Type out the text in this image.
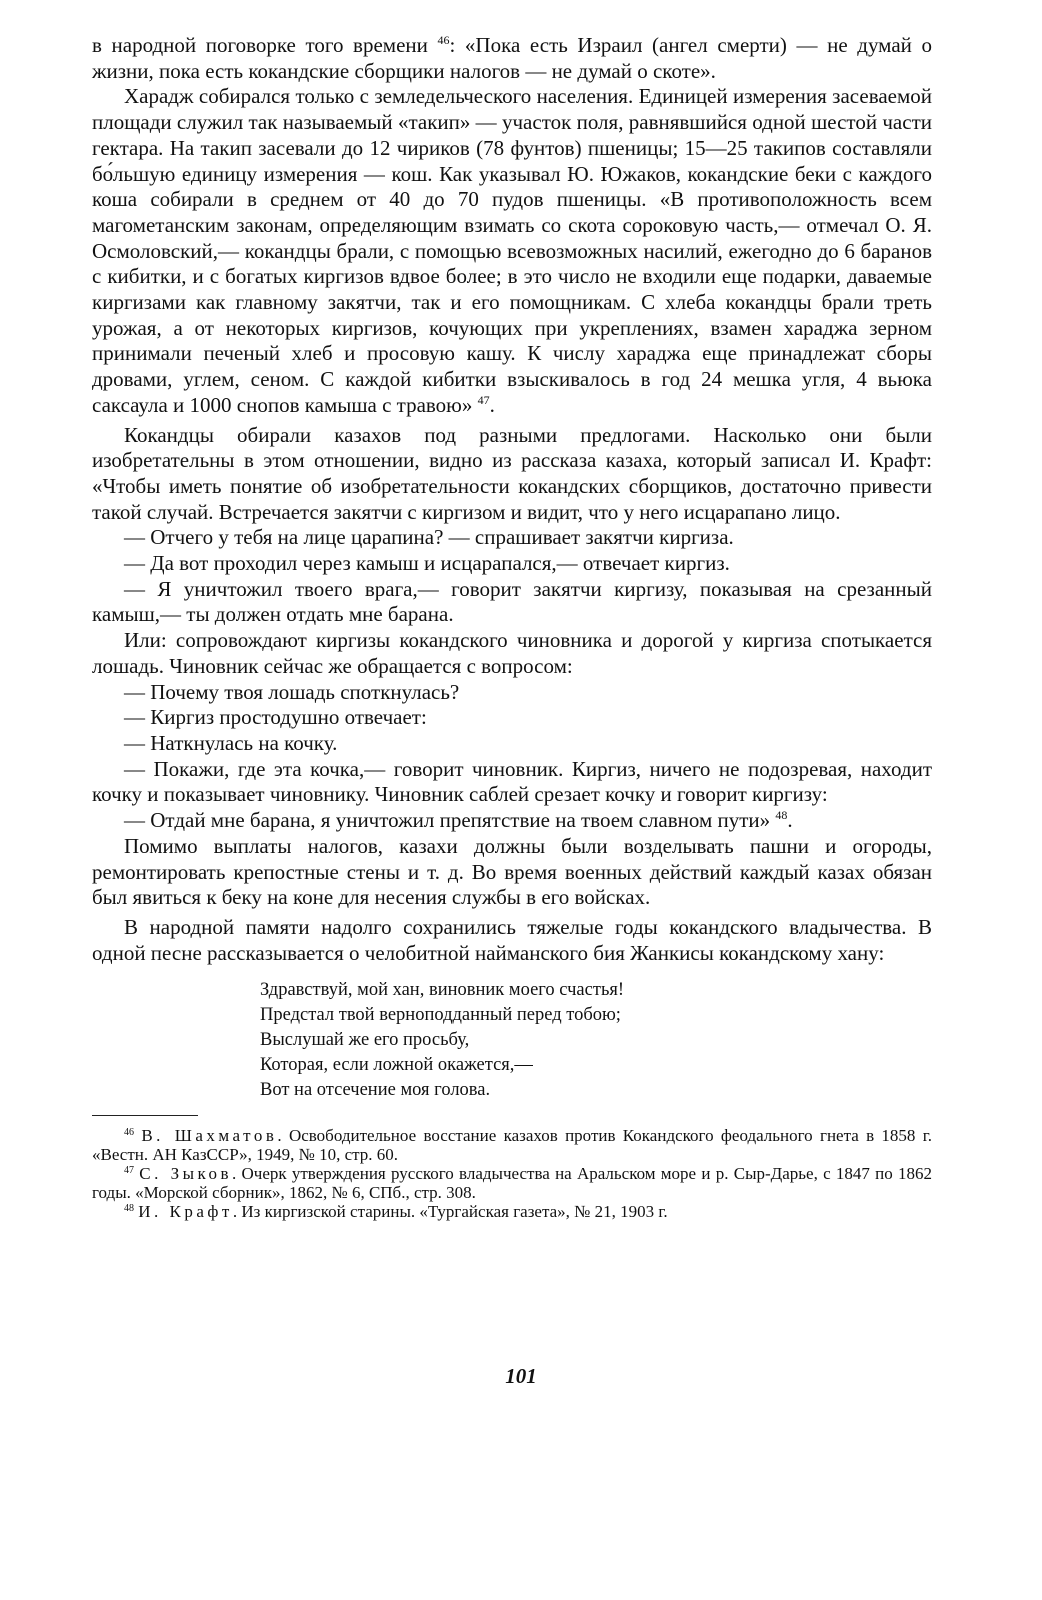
в народной поговорке того времени $^{46}$: «Пока есть Израил (ангел смерти) — не думай о жизни, пока есть кокандские сборщики налогов — не думай о скоте».

Харадж собирался только с земледельческого населения. Единицей измерения засеваемой площади служил так называемый «такип» — участок поля, равнявшийся одной шестой части гектара. На такип засевали до 12 чириков (78 фунтов) пшеницы; 15—25 такипов составляли бо́льшую единицу измерения — кош. Как указывал Ю. Южаков, кокандские беки с каждого коша собирали в среднем от 40 до 70 пудов пшеницы. «В противоположность всем магометанским законам, определяющим взимать со скота сороковую часть,— отмечал О. Я. Осмоловский,— кокандцы брали, с помощью всевозможных насилий, ежегодно до 6 баранов с кибитки, и с богатых киргизов вдвое более; в это число не входили еще подарки, даваемые киргизами как главному закятчи, так и его помощникам. С хлеба кокандцы брали треть урожая, а от некоторых киргизов, кочующих при укреплениях, взамен хараджа зерном принимали печеный хлеб и просовую кашу. К числу хараджа еще принадлежат сборы дровами, углем, сеном. С каждой кибитки взыскивалось в год 24 мешка угля, 4 вьюка саксаула и 1000 снопов камыша с травою» $^{47}$.

Кокандцы обирали казахов под разными предлогами. Насколько они были изобретательны в этом отношении, видно из рассказа казаха, который записал И. Крафт: «Чтобы иметь понятие об изобретательности кокандских сборщиков, достаточно привести такой случай. Встречается закятчи с киргизом и видит, что у него исцарапано лицо.

— Отчего у тебя на лице царапина? — спрашивает закятчи киргиза.

— Да вот проходил через камыш и исцарапался,— отвечает киргиз.

— Я уничтожил твоего врага,— говорит закятчи киргизу, показывая на срезанный камыш,— ты должен отдать мне барана.

Или: сопровождают киргизы кокандского чиновника и дорогой у киргиза спотыкается лошадь. Чиновник сейчас же обращается с вопросом:

— Почему твоя лошадь споткнулась?

— Киргиз простодушно отвечает:

— Наткнулась на кочку.

— Покажи, где эта кочка,— говорит чиновник. Киргиз, ничего не подозревая, находит кочку и показывает чиновнику. Чиновник саблей срезает кочку и говорит киргизу:

— Отдай мне барана, я уничтожил препятствие на твоем славном пути» $^{48}$.

Помимо выплаты налогов, казахи должны были возделывать пашни и огороды, ремонтировать крепостные стены и т. д. Во время военных действий каждый казах обязан был явиться к беку на коне для несения службы в его войсках.

В народной памяти надолго сохранились тяжелые годы кокандского владычества. В одной песне рассказывается о челобитной найманского бия Жанкисы кокандскому хану:

Здравствуй, мой хан, виновник моего счастья!
Предстал твой верноподданный перед тобою;
Выслушай же его просьбу,
Которая, если ложной окажется,—
Вот на отсечение моя голова.

$^{46}$ В. Шахматов. Освободительное восстание казахов против Кокандского феодального гнета в 1858 г. «Вестн. АН КазССР», 1949, № 10, стр. 60.

$^{47}$ С. Зыков. Очерк утверждения русского владычества на Аральском море и р. Сыр-Дарье, с 1847 по 1862 годы. «Морской сборник», 1862, № 6, СПб., стр. 308.

$^{48}$ И. Крафт. Из киргизской старины. «Тургайская газета», № 21, 1903 г.

101
